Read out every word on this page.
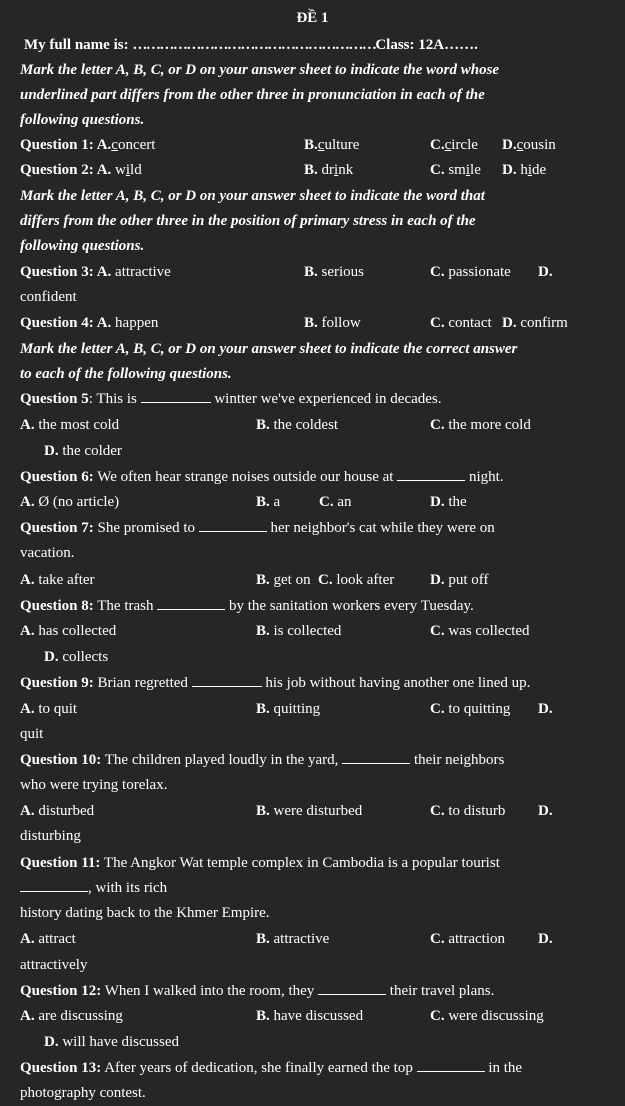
ĐỀ 1
My full name is: ………………………………………………Class: 12A…….
Mark the letter A, B, C, or D on your answer sheet to indicate the word whose
underlined part differs from the other three in pronunciation in each of the
following questions.
Question 1: A.concert	B.culture	C.circle D.cousin
Question 2: A. wild	B. drink	C. smile D. hide
Mark the letter A, B, C, or D on your answer sheet to indicate the word that
differs from the other three in the position of primary stress in each of the
following questions.
Question 3: A. attractive	B. serious	C. passionate D.
confident
Question 4: A. happen	B. follow	C. contact D. confirm
Mark the letter A, B, C, or D on your answer sheet to indicate the correct answer
to each of the following questions.
Question 5: This is	wintter we've experienced in decades.
A. the most cold	B. the coldest	C. the more cold
D. the colder
Question 6: We often hear strange noises outside our house at	night.
A. Ø (no article)	B. a	C. an	D. the
Question 7: She promised to	her neighbor's cat while they were on
vacation.
A. take after	B. get on C. look after D. put off
Question 8: The trash	by the sanitation workers every Tuesday.
A. has collected	B. is collected	C. was collected
D. collects
Question 9: Brian regretted	his job without having another one lined up.
A. to quit	B. quitting	C. to quitting D.
quit
Question 10: The children played loudly in the yard,	their neighbors
who were trying torelax.
A. disturbed	B. were disturbed	C. to disturb D.
disturbing
Question 11: The Angkor Wat temple complex in Cambodia is a popular tourist
, with its rich
history dating back to the Khmer Empire.
A. attract	B. attractive	C. attraction D.
attractively
Question 12: When I walked into the room, they	their travel plans.
A. are discussing	B. have discussed	C. were discussing
D. will have discussed
Question 13: After years of dedication, she finally earned the top	in the
photography contest.
